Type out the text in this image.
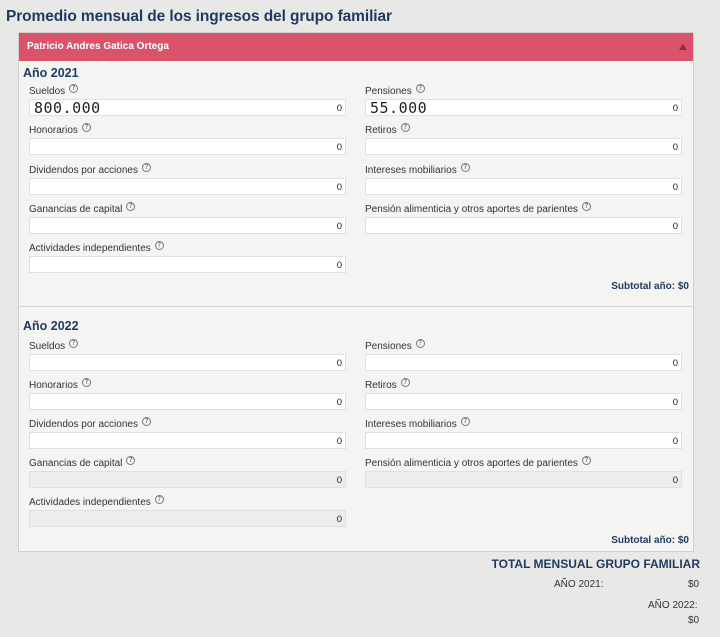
Promedio mensual de los ingresos del grupo familiar
Patricio Andres Gatica Ortega
Año 2021
Sueldos ?
800.000	0
Pensiones ?
55.000	0
Honorarios ?
0
Retiros ?
0
Dividendos por acciones ?
0
Intereses mobiliarios ?
0
Ganancias de capital ?
0
Pensión alimenticia y otros aportes de parientes ?
0
Actividades independientes ?
0
Subtotal año: $0
Año 2022
Sueldos ?
0
Pensiones ?
0
Honorarios ?
0
Retiros ?
0
Dividendos por acciones ?
0
Intereses mobiliarios ?
0
Ganancias de capital ?
0
Pensión alimenticia y otros aportes de parientes ?
0
Actividades independientes ?
0
Subtotal año: $0
TOTAL MENSUAL GRUPO FAMILIAR
AÑO 2021:	$0
AÑO 2022:
$0
